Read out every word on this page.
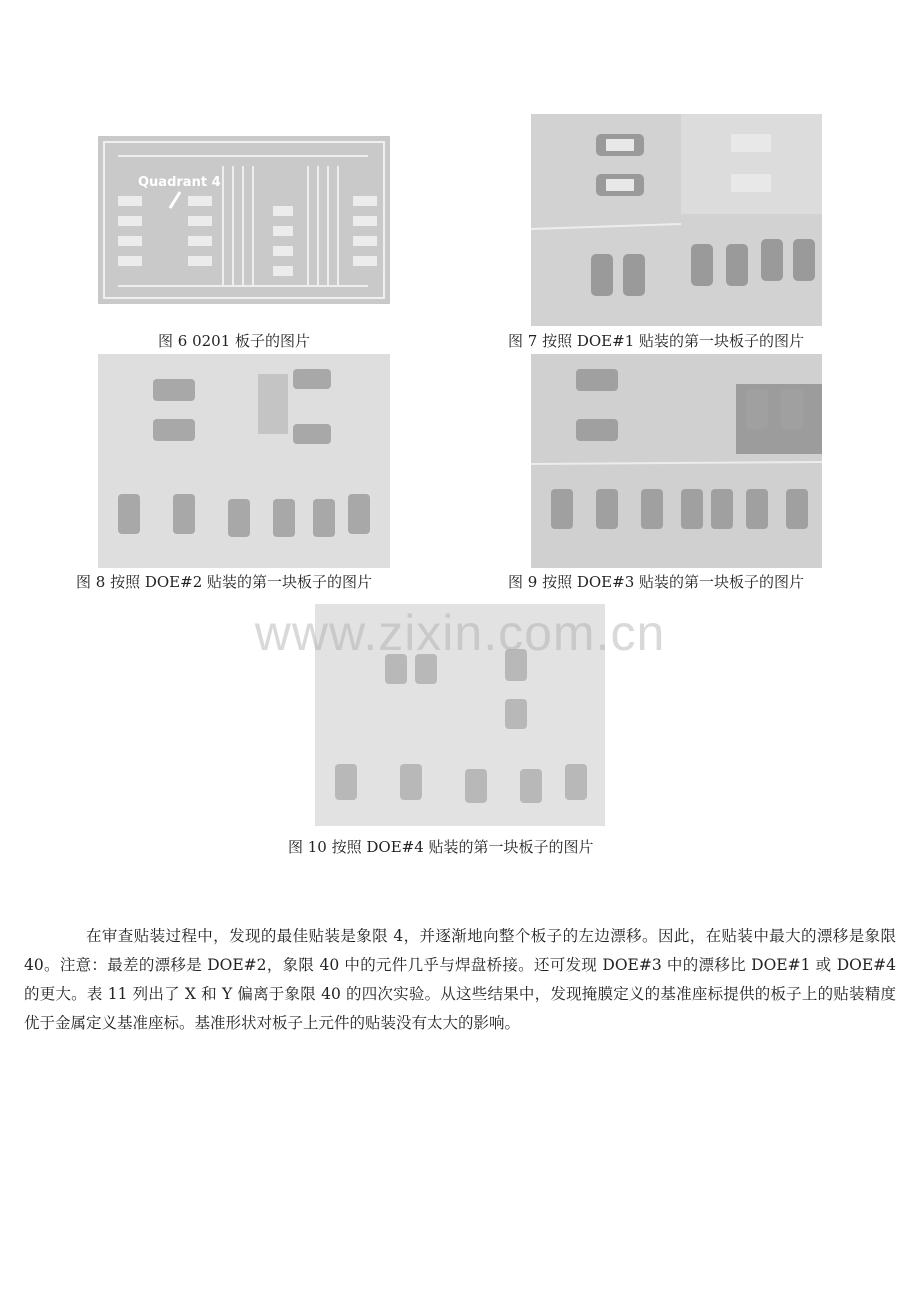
Quadrant 4
图 6 0201 板子的图片	图 7 按照 DOE#1 贴装的第一块板子的图片
图 8 按照 DOE#2 贴装的第一块板子的图片	图 9 按照 DOE#3 贴装的第一块板子的图片
图 10 按照 DOE#4 贴装的第一块板子的图片
www.zixin.com.cn
在审查贴装过程中，发现的最佳贴装是象限 4，并逐渐地向整个板子的左边漂移。因此，在贴装中最大的漂移是象限 40。注意：最差的漂移是 DOE#2，象限 40 中的元件几乎与焊盘桥接。还可发现 DOE#3 中的漂移比 DOE#1 或 DOE#4 的更大。表 11 列出了 X 和 Y 偏离于象限 40 的四次实验。从这些结果中，发现掩膜定义的基准座标提供的板子上的贴装精度优于金属定义基准座标。基准形状对板子上元件的贴装没有太大的影响。
